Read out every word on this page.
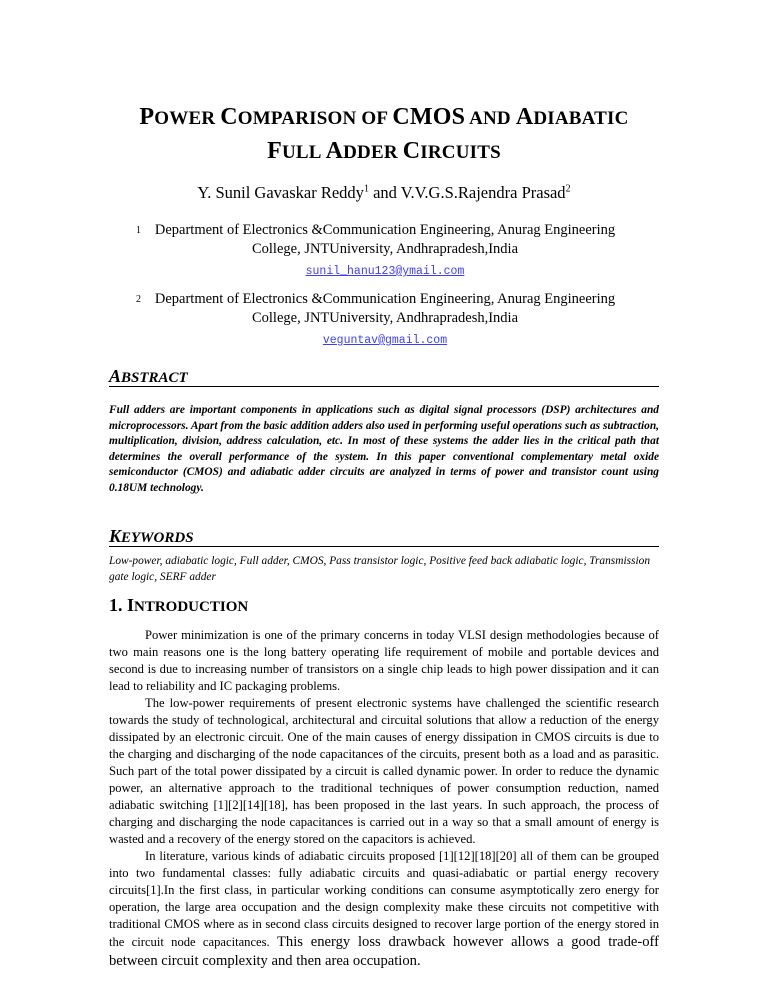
POWER COMPARISON OF CMOS AND ADIABATIC
FULL ADDER CIRCUITS
Y. Sunil Gavaskar Reddy$^1$ and V.V.G.S.Rajendra Prasad$^2$
1 Department of Electronics &Communication Engineering, Anurag Engineering
College, JNTUniversity, Andhrapradesh,India
sunil_hanu123@ymail.com
2 Department of Electronics &Communication Engineering, Anurag Engineering
College, JNTUniversity, Andhrapradesh,India
veguntav@gmail.com
ABSTRACT
Full adders are important components in applications such as digital signal processors (DSP) architectures and microprocessors. Apart from the basic addition adders also used in performing useful operations such as subtraction, multiplication, division, address calculation, etc. In most of these systems the adder lies in the critical path that determines the overall performance of the system. In this paper conventional complementary metal oxide semiconductor (CMOS) and adiabatic adder circuits are analyzed in terms of power and transistor count using 0.18UM technology.
KEYWORDS
Low-power, adiabatic logic, Full adder, CMOS, Pass transistor logic, Positive feed back adiabatic logic, Transmission gate logic, SERF adder
1. INTRODUCTION

Power minimization is one of the primary concerns in today VLSI design methodologies because of two main reasons one is the long battery operating life requirement of mobile and portable devices and second is due to increasing number of transistors on a single chip leads to high power dissipation and it can lead to reliability and IC packaging problems.

The low-power requirements of present electronic systems have challenged the scientific research towards the study of technological, architectural and circuital solutions that allow a reduction of the energy dissipated by an electronic circuit. One of the main causes of energy dissipation in CMOS circuits is due to the charging and discharging of the node capacitances of the circuits, present both as a load and as parasitic. Such part of the total power dissipated by a circuit is called dynamic power. In order to reduce the dynamic power, an alternative approach to the traditional techniques of power consumption reduction, named adiabatic switching [1][2][14][18], has been proposed in the last years. In such approach, the process of charging and discharging the node capacitances is carried out in a way so that a small amount of energy is wasted and a recovery of the energy stored on the capacitors is achieved.

In literature, various kinds of adiabatic circuits proposed [1][12][18][20] all of them can be grouped into two fundamental classes: fully adiabatic circuits and quasi-adiabatic or partial energy recovery circuits[1].In the first class, in particular working conditions can consume asymptotically zero energy for operation, the large area occupation and the design complexity make these circuits not competitive with traditional CMOS where as in second class circuits designed to recover large portion of the energy stored in the circuit node capacitances. This energy loss drawback however allows a good trade-off between circuit complexity and then area occupation.
